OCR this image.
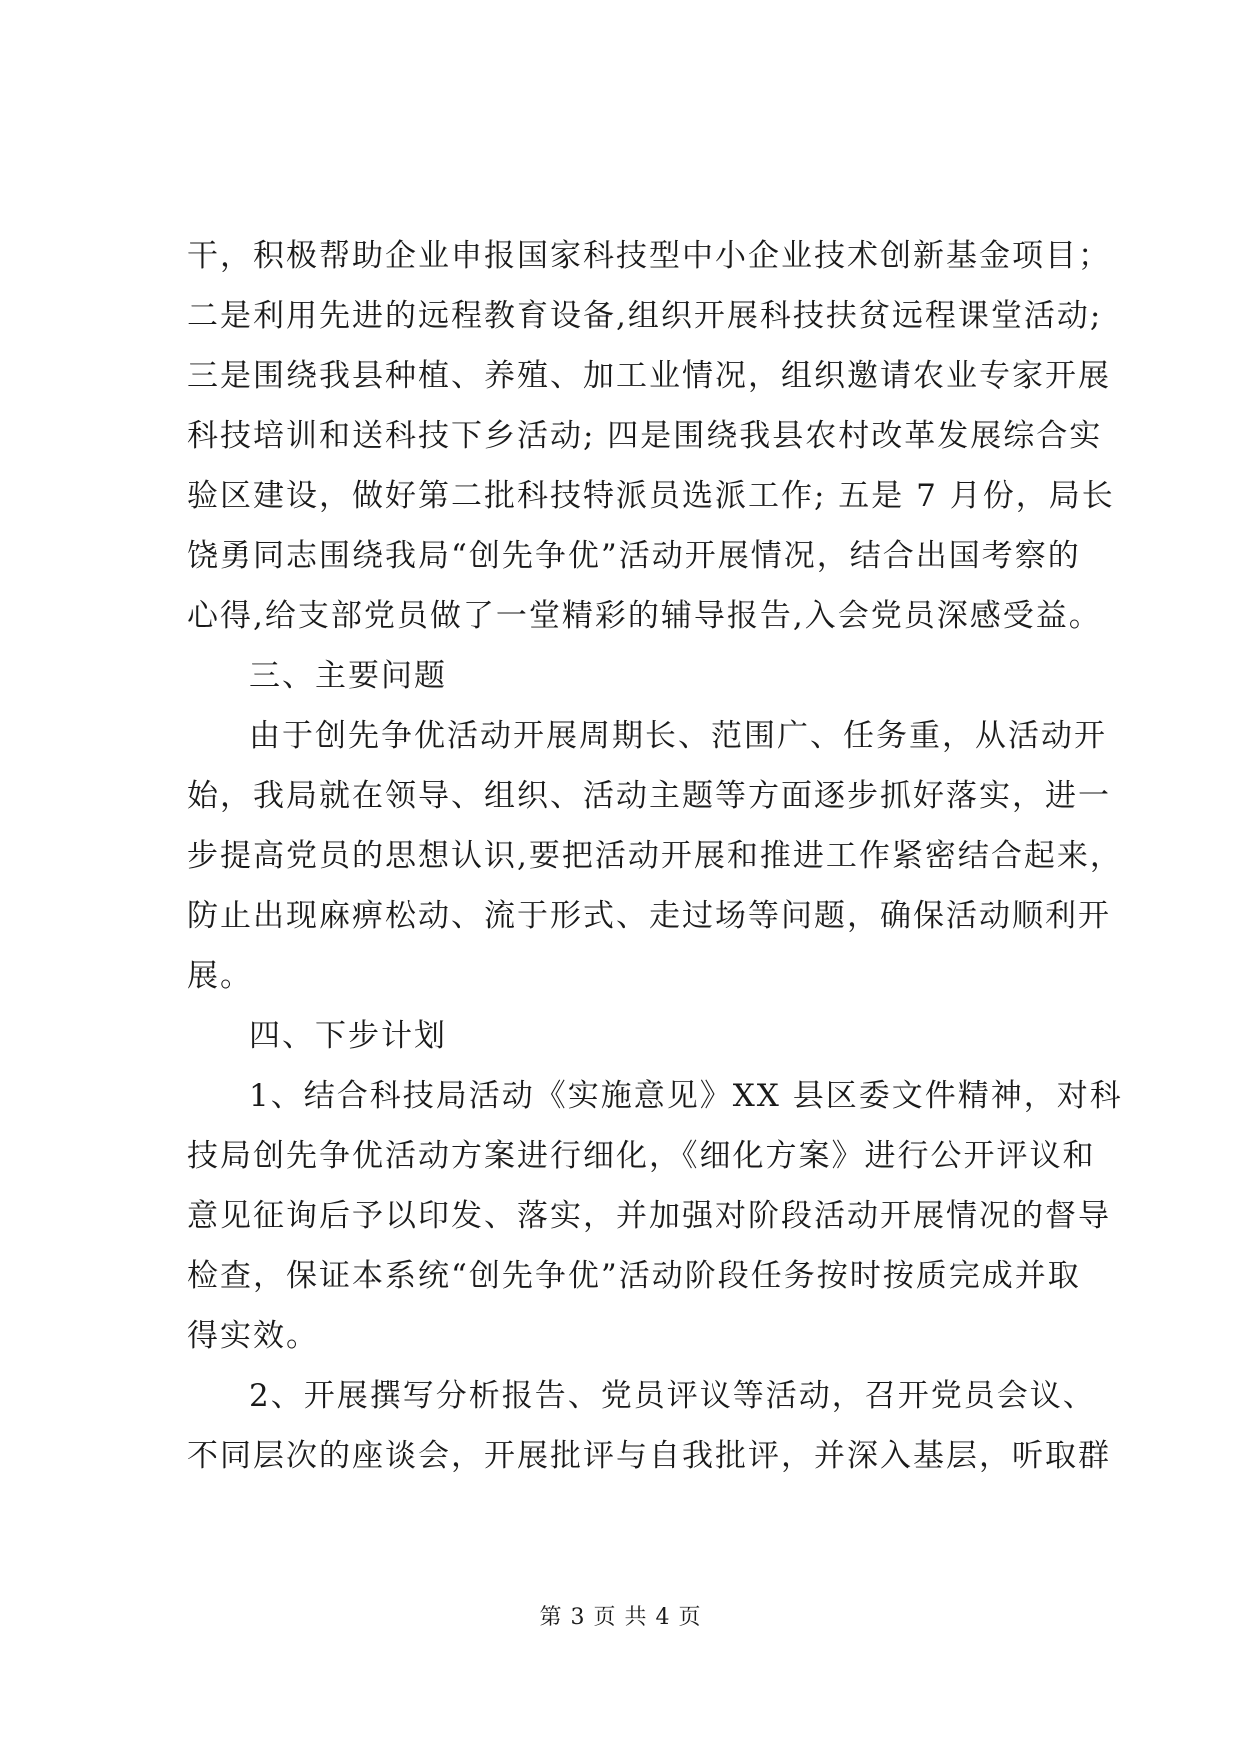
干，积极帮助企业申报国家科技型中小企业技术创新基金项目；
二是利用先进的远程教育设备,组织开展科技扶贫远程课堂活动;
三是围绕我县种植、养殖、加工业情况，组织邀请农业专家开展
科技培训和送科技下乡活动; 四是围绕我县农村改革发展综合实
验区建设，做好第二批科技特派员选派工作; 五是 7 月份，局长
饶勇同志围绕我局“创先争优”活动开展情况，结合出国考察的
心得,给支部党员做了一堂精彩的辅导报告,入会党员深感受益。
三、主要问题
由于创先争优活动开展周期长、范围广、任务重，从活动开
始，我局就在领导、组织、活动主题等方面逐步抓好落实，进一
步提高党员的思想认识,要把活动开展和推进工作紧密结合起来，
防止出现麻痹松动、流于形式、走过场等问题，确保活动顺利开
展。
四、下步计划
1、结合科技局活动《实施意见》XX 县区委文件精神，对科
技局创先争优活动方案进行细化，《细化方案》进行公开评议和
意见征询后予以印发、落实，并加强对阶段活动开展情况的督导
检查，保证本系统“创先争优”活动阶段任务按时按质完成并取
得实效。
2、开展撰写分析报告、党员评议等活动，召开党员会议、
不同层次的座谈会，开展批评与自我批评，并深入基层，听取群
第 3 页 共 4 页
